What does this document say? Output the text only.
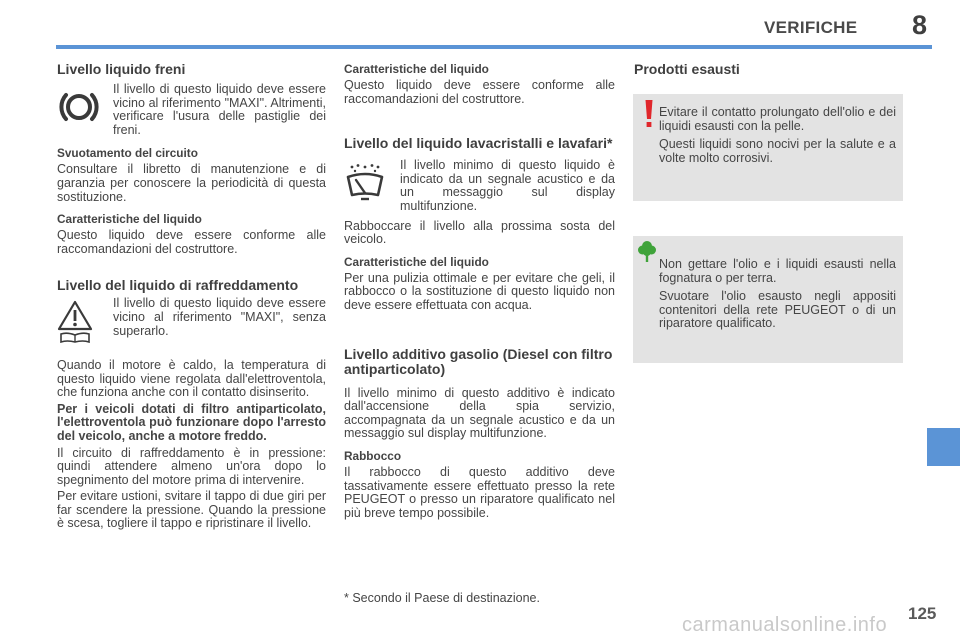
VERIFICHE 8
Livello liquido freni
Il livello di questo liquido deve essere vicino al riferimento "MAXI". Altrimenti, verificare l'usura delle pastiglie dei freni.
Svuotamento del circuito

Consultare il libretto di manutenzione e di garanzia per conoscere la periodicità di questa sostituzione.

Caratteristiche del liquido

Questo liquido deve essere conforme alle raccomandazioni del costruttore.

Livello del liquido di raffreddamento
Il livello di questo liquido deve essere vicino al riferimento "MAXI", senza superarlo.

Quando il motore è caldo, la temperatura di questo liquido viene regolata dall'elettroventola, che funziona anche con il contatto disinserito.

Per i veicoli dotati di filtro antiparticolato, l'elettroventola può funzionare dopo l'arresto del veicolo, anche a motore freddo.

Il circuito di raffreddamento è in pressione: quindi attendere almeno un'ora dopo lo spegnimento del motore prima di intervenire.

Per evitare ustioni, svitare il tappo di due giri per far scendere la pressione. Quando la pressione è scesa, togliere il tappo e ripristinare il livello.

Caratteristiche del liquido

Questo liquido deve essere conforme alle raccomandazioni del costruttore.

Livello del liquido lavacristalli e lavafari*
Il livello minimo di questo liquido è indicato da un segnale acustico e da un messaggio sul display multifunzione.

Rabboccare il livello alla prossima sosta del veicolo.

Caratteristiche del liquido

Per una pulizia ottimale e per evitare che geli, il rabbocco o la sostituzione di questo liquido non deve essere effettuata con acqua.

Livello additivo gasolio (Diesel con filtro antiparticolato)

Il livello minimo di questo additivo è indicato dall'accensione della spia servizio, accompagnata da un segnale acustico e da un messaggio sul display multifunzione.

Rabbocco

Il rabbocco di questo additivo deve tassativamente essere effettuato presso la rete PEUGEOT o presso un riparatore qualificato nel più breve tempo possibile.

* Secondo il Paese di destinazione.
Prodotti esausti

Evitare il contatto prolungato dell'olio e dei liquidi esausti con la pelle.

Questi liquidi sono nocivi per la salute e a volte molto corrosivi.

Non gettare l'olio e i liquidi esausti nella fognatura o per terra.

Svuotare l'olio esausto negli appositi contenitori della rete PEUGEOT o di un riparatore qualificato.

125
carmanualsonline.info
